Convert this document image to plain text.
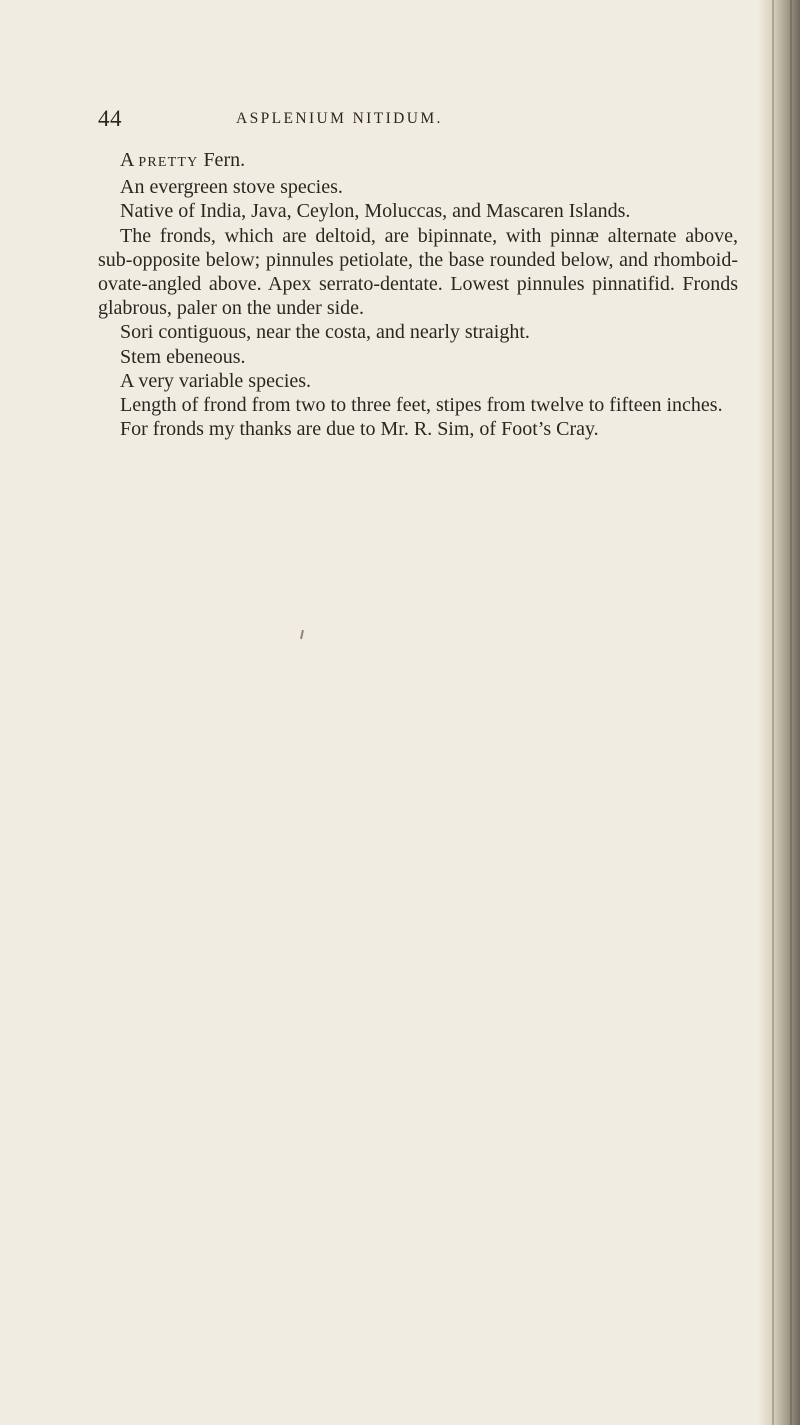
44	ASPLENIUM NITIDUM.

A PRETTY Fern.

An evergreen stove species.

Native of India, Java, Ceylon, Moluccas, and Mascaren Islands.

The fronds, which are deltoid, are bipinnate, with pinnæ alternate above, sub-opposite below; pinnules petiolate, the base rounded below, and rhomboid-ovate-angled above. Apex serrato-dentate. Lowest pinnules pinnatifid. Fronds glabrous, paler on the under side.

Sori contiguous, near the costa, and nearly straight.

Stem ebeneous.

A very variable species.

Length of frond from two to three feet, stipes from twelve to fifteen inches.

For fronds my thanks are due to Mr. R. Sim, of Foot’s Cray.
